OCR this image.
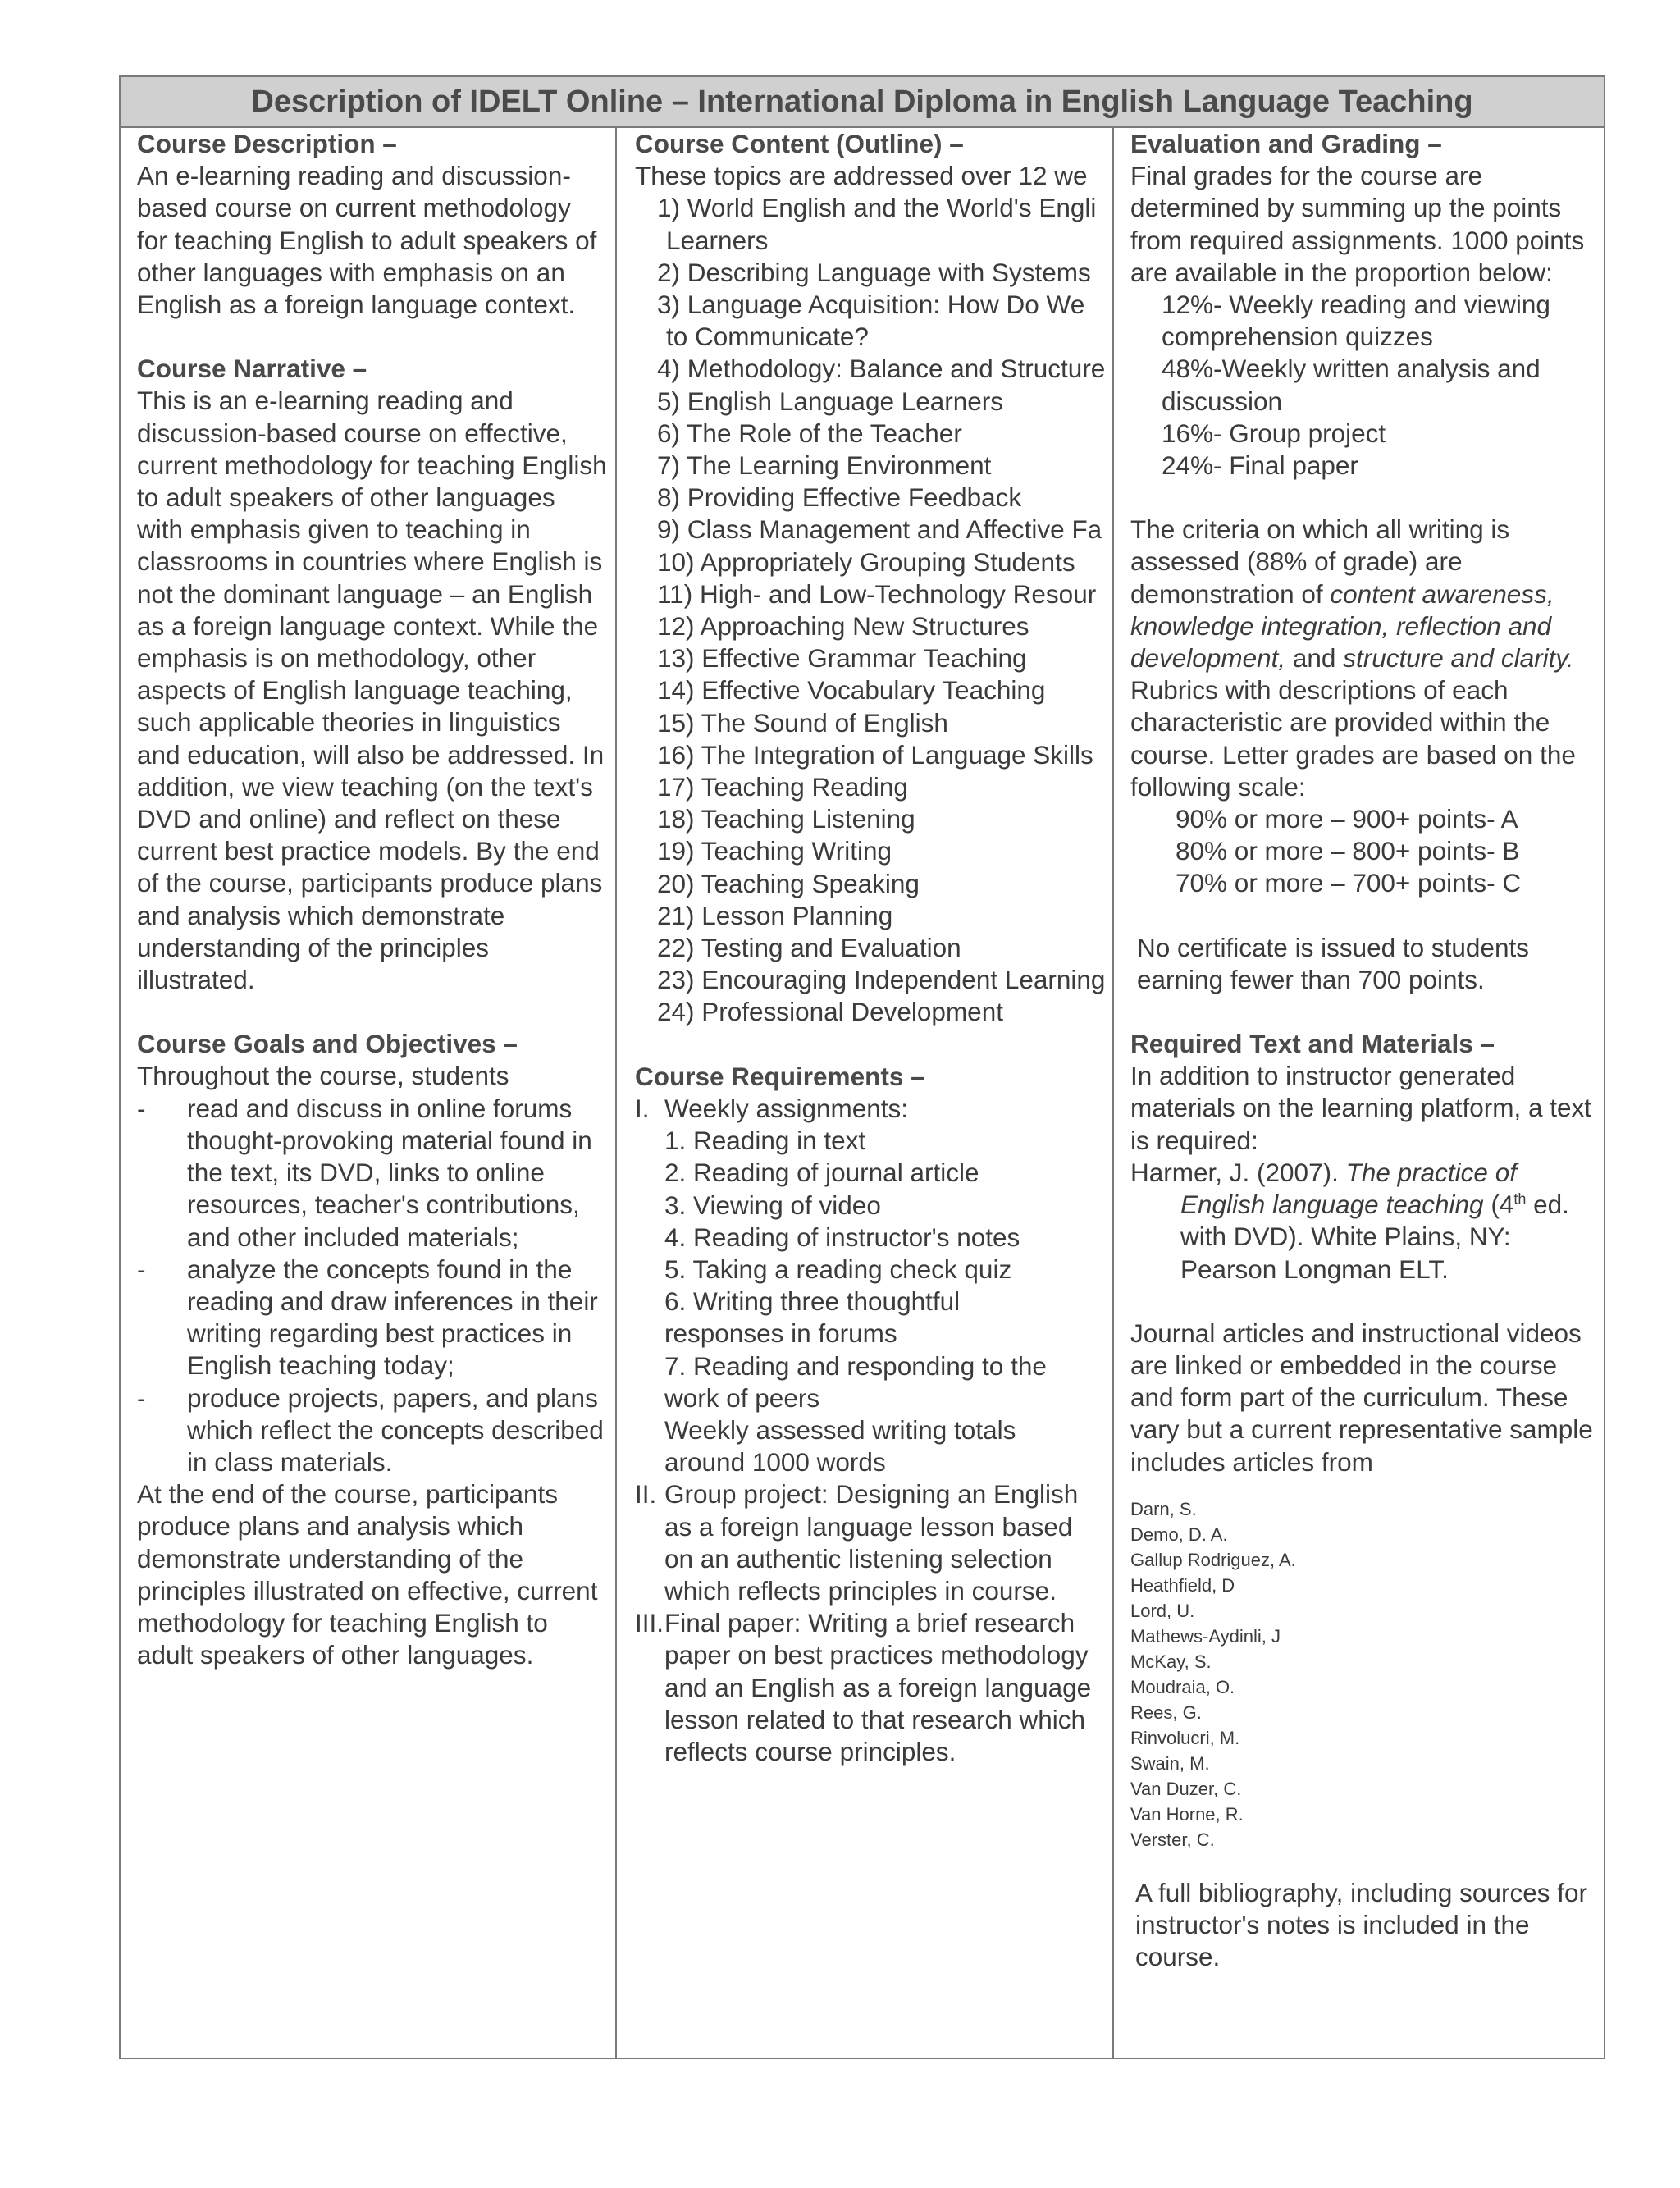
Description of IDELT Online – International Diploma in English Language Teaching
Course Description –

An e-learning reading and discussion-based course on current methodology for teaching English to adult speakers of other languages with emphasis on an English as a foreign language context.

Course Narrative –

This is an e-learning reading and discussion-based course on effective, current methodology for teaching English to adult speakers of other languages with emphasis given to teaching in classrooms in countries where English is not the dominant language – an English as a foreign language context. While the emphasis is on methodology, other aspects of English language teaching, such applicable theories in linguistics and education, will also be addressed. In addition, we view teaching (on the text's DVD and online) and reflect on these current best practice models. By the end of the course, participants produce plans and analysis which demonstrate understanding of the principles illustrated.

Course Goals and Objectives –
Throughout the course, students
-	read and discuss in online forums thought-provoking material found in the text, its DVD, links to online resources, teacher's contributions, and other included materials;
-	analyze the concepts found in the reading and draw inferences in their writing regarding best practices in English teaching today;
-	produce projects, papers, and plans which reflect the concepts described in class materials.

At the end of the course, participants produce plans and analysis which demonstrate understanding of the principles illustrated on effective, current methodology for teaching English to adult speakers of other languages.

Course Content (Outline) –
These topics are addressed over 12 we
1) World English and the World's Engli
Learners
2) Describing Language with Systems
3) Language Acquisition: How Do We
to Communicate?
4) Methodology: Balance and Structure
5) English Language Learners
6) The Role of the Teacher
7) The Learning Environment
8) Providing Effective Feedback
9) Class Management and Affective Fa
10) Appropriately Grouping Students
11) High- and Low-Technology Resour
12) Approaching New Structures
13) Effective Grammar Teaching
14) Effective Vocabulary Teaching
15) The Sound of English
16) The Integration of Language Skills
17) Teaching Reading
18) Teaching Listening
19) Teaching Writing
20) Teaching Speaking
21) Lesson Planning
22) Testing and Evaluation
23) Encouraging Independent Learning
24) Professional Development
Course Requirements –
I. Weekly assignments:
1. Reading in text
2. Reading of journal article
3. Viewing of video
4. Reading of instructor's notes
5. Taking a reading check quiz
6. Writing three thoughtful
responses in forums
7. Reading and responding to the
work of peers
Weekly assessed writing totals
around 1000 words
II. Group project: Designing an English as a foreign language lesson based on an authentic listening selection which reflects principles in course.
III. Final paper: Writing a brief research paper on best practices methodology and an English as a foreign language lesson related to that research which reflects course principles.
Evaluation and Grading –

Final grades for the course are determined by summing up the points from required assignments. 1000 points are available in the proportion below:

12%- Weekly reading and viewing comprehension quizzes
48%-Weekly written analysis and discussion
16%- Group project
24%- Final paper

The criteria on which all writing is assessed (88% of grade) are demonstration of content awareness, knowledge integration, reflection and development, and structure and clarity. Rubrics with descriptions of each characteristic are provided within the course. Letter grades are based on the following scale:

90% or more – 900+ points- A
80% or more – 800+ points- B
70% or more – 700+ points- C

No certificate is issued to students earning fewer than 700 points.

Required Text and Materials –

In addition to instructor generated materials on the learning platform, a text is required:

Harmer, J. (2007). The practice of English language teaching (4th ed. with DVD). White Plains, NY: Pearson Longman ELT.

Journal articles and instructional videos are linked or embedded in the course and form part of the curriculum. These vary but a current representative sample includes articles from

Darn, S.
Demo, D. A.
Gallup Rodriguez, A.
Heathfield, D
Lord, U.
Mathews-Aydinli, J
McKay, S.
Moudraia, O.
Rees, G.
Rinvolucri, M.
Swain, M.
Van Duzer, C.
Van Horne, R.
Verster, C.

A full bibliography, including sources for instructor's notes is included in the course.
